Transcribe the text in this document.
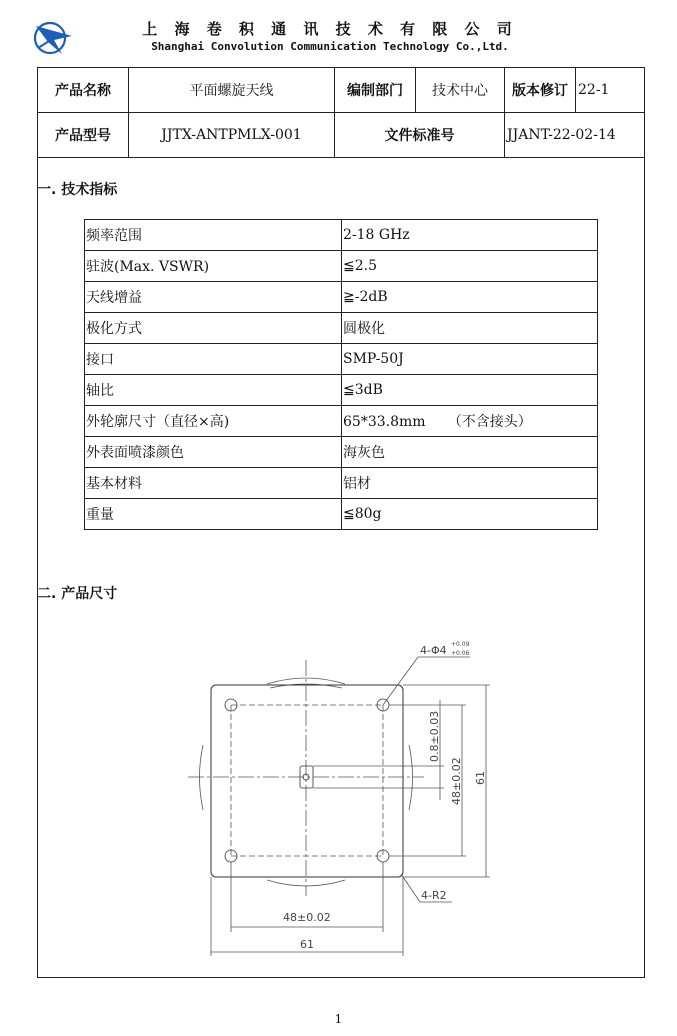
上 海 卷 积 通 讯 技 术 有 限 公 司
Shanghai Convolution Communication Technology Co.,Ltd.
产品名称	平面螺旋天线	编制部门	技术中心	版本修订	22-1
产品型号	JJTX-ANTPMLX-001	文件标准号		JJANT-22-02-14	
一. 技术指标
频率范围	2-18 GHz
驻波(Max. VSWR)	≦2.5
天线增益	≧-2dB
极化方式	圆极化
接口	SMP-50J
轴比	≦3dB
外轮廓尺寸（直径×高)	65*33.8mm     （不含接头）
外表面喷漆颜色	海灰色
基本材料	铝材
重量	≦80g
二. 产品尺寸
4-Φ4 +0.09
+0.06
0.8±0.03
48±0.02 61
48±0.02
61
4-R2
1
